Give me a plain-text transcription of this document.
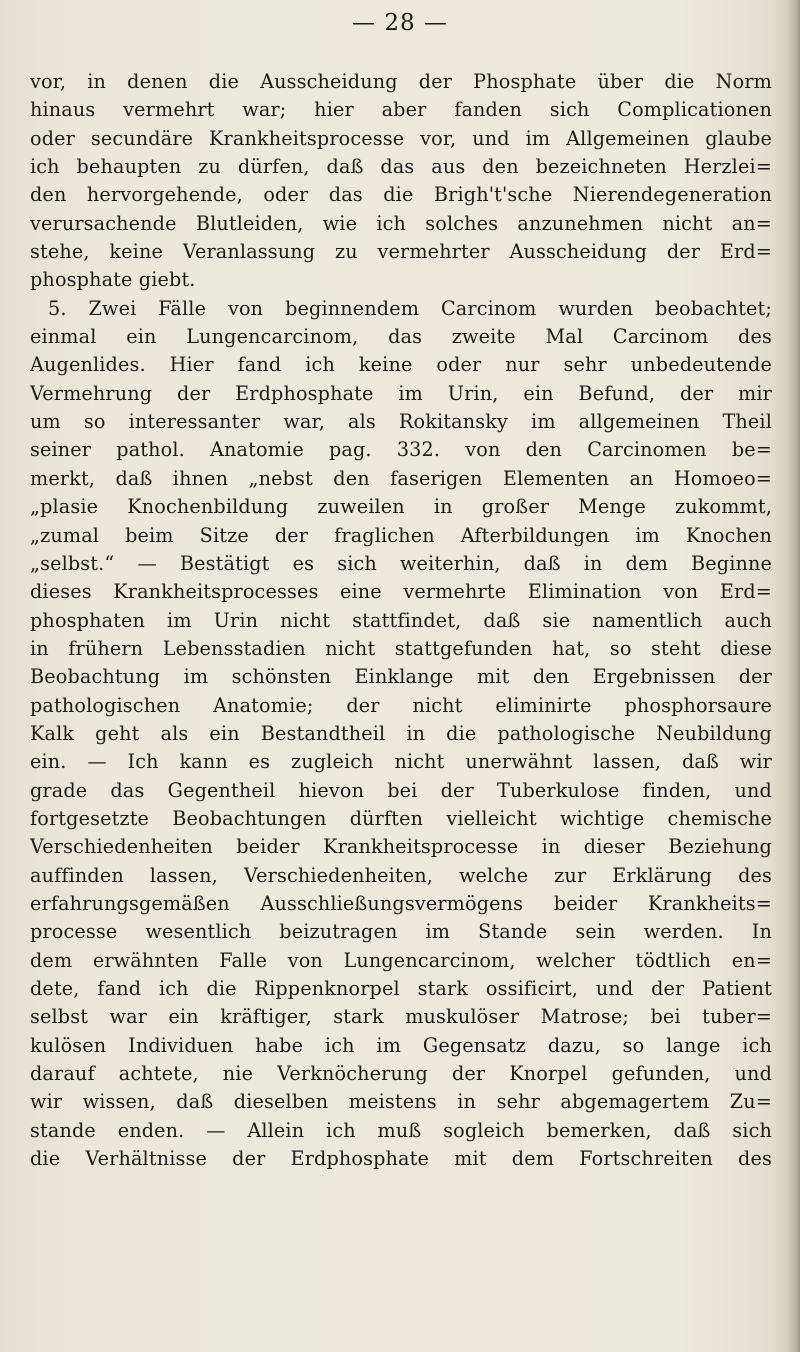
— 28 —
vor, in denen die Ausscheidung der Phosphate über die Norm
hinaus vermehrt war; hier aber fanden sich Complicationen
oder secundäre Krankheitsprocesse vor, und im Allgemeinen glaube
ich behaupten zu dürfen, daß das aus den bezeichneten Herzlei=
den hervorgehende, oder das die Brigh't'sche Nierendegeneration
verursachende Blutleiden, wie ich solches anzunehmen nicht an=
stehe, keine Veranlassung zu vermehrter Ausscheidung der Erd=
phosphate giebt.
5. Zwei Fälle von beginnendem Carcinom wurden beobachtet;
einmal ein Lungencarcinom, das zweite Mal Carcinom des
Augenlides. Hier fand ich keine oder nur sehr unbedeutende
Vermehrung der Erdphosphate im Urin, ein Befund, der mir
um so interessanter war, als Rokitansky im allgemeinen Theil
seiner pathol. Anatomie pag. 332. von den Carcinomen be=
merkt, daß ihnen „nebst den faserigen Elementen an Homoeo=
„plasie Knochenbildung zuweilen in großer Menge zukommt,
„zumal beim Sitze der fraglichen Afterbildungen im Knochen
„selbst.“ — Bestätigt es sich weiterhin, daß in dem Beginne
dieses Krankheitsprocesses eine vermehrte Elimination von Erd=
phosphaten im Urin nicht stattfindet, daß sie namentlich auch
in frühern Lebensstadien nicht stattgefunden hat, so steht diese
Beobachtung im schönsten Einklange mit den Ergebnissen der
pathologischen Anatomie; der nicht eliminirte phosphorsaure
Kalk geht als ein Bestandtheil in die pathologische Neubildung
ein. — Ich kann es zugleich nicht unerwähnt lassen, daß wir
grade das Gegentheil hievon bei der Tuberkulose finden, und
fortgesetzte Beobachtungen dürften vielleicht wichtige chemische
Verschiedenheiten beider Krankheitsprocesse in dieser Beziehung
auffinden lassen, Verschiedenheiten, welche zur Erklärung des
erfahrungsgemäßen Ausschließungsvermögens beider Krankheits=
processe wesentlich beizutragen im Stande sein werden. In
dem erwähnten Falle von Lungencarcinom, welcher tödtlich en=
dete, fand ich die Rippenknorpel stark ossificirt, und der Patient
selbst war ein kräftiger, stark muskulöser Matrose; bei tuber=
kulösen Individuen habe ich im Gegensatz dazu, so lange ich
darauf achtete, nie Verknöcherung der Knorpel gefunden, und
wir wissen, daß dieselben meistens in sehr abgemagertem Zu=
stande enden. — Allein ich muß sogleich bemerken, daß sich
die Verhältnisse der Erdphosphate mit dem Fortschreiten des
